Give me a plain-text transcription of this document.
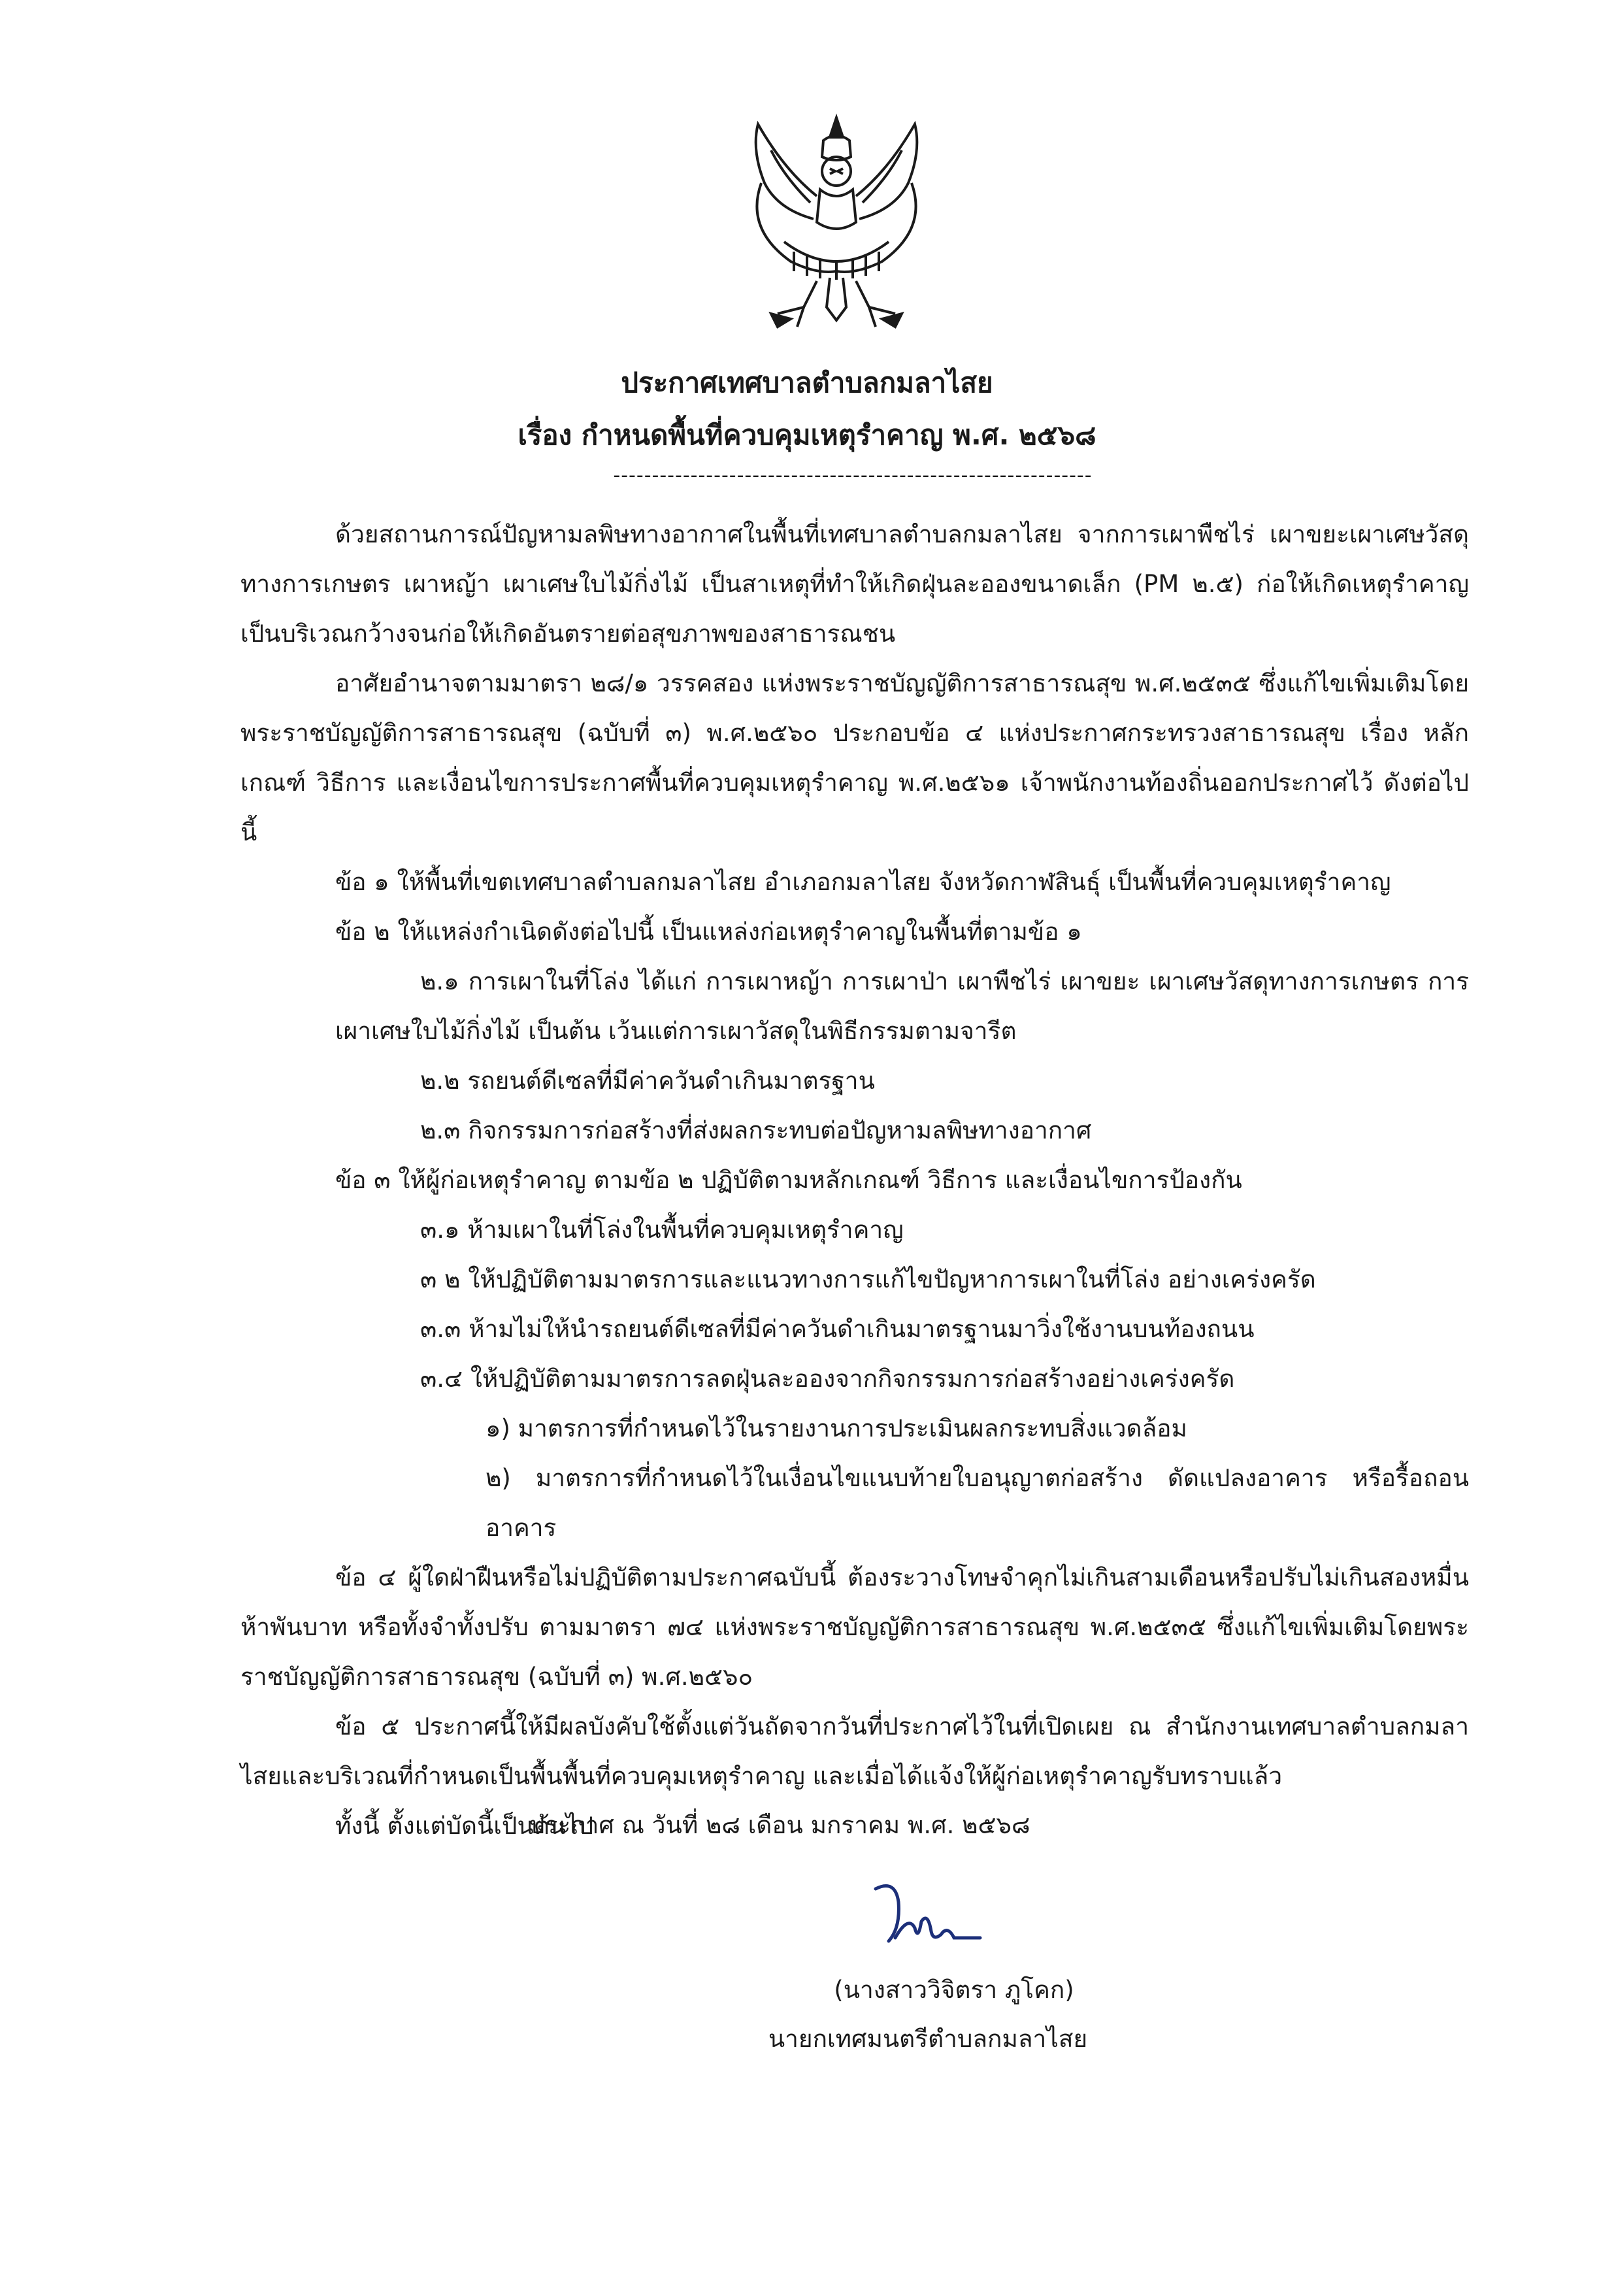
ประกาศเทศบาลตำบลกมลาไสย
เรื่อง กำหนดพื้นที่ควบคุมเหตุรำคาญ พ.ศ. ๒๕๖๘
--------------------------------------------------------------

ด้วยสถานการณ์ปัญหามลพิษทางอากาศในพื้นที่เทศบาลตำบลกมลาไสย จากการเผาพืชไร่ เผาขยะเผาเศษวัสดุทางการเกษตร เผาหญ้า เผาเศษใบไม้กิ่งไม้ เป็นสาเหตุที่ทำให้เกิดฝุ่นละอองขนาดเล็ก (PM ๒.๕) ก่อให้เกิดเหตุรำคาญเป็นบริเวณกว้างจนก่อให้เกิดอันตรายต่อสุขภาพของสาธารณชน

อาศัยอำนาจตามมาตรา ๒๘/๑ วรรคสอง แห่งพระราชบัญญัติการสาธารณสุข พ.ศ.๒๕๓๕ ซึ่งแก้ไขเพิ่มเติมโดยพระราชบัญญัติการสาธารณสุข (ฉบับที่ ๓) พ.ศ.๒๕๖๐ ประกอบข้อ ๔ แห่งประกาศกระทรวงสาธารณสุข เรื่อง หลักเกณฑ์ วิธีการ และเงื่อนไขการประกาศพื้นที่ควบคุมเหตุรำคาญ พ.ศ.๒๕๖๑ เจ้าพนักงานท้องถิ่นออกประกาศไว้ ดังต่อไปนี้

ข้อ ๑ ให้พื้นที่เขตเทศบาลตำบลกมลาไสย อำเภอกมลาไสย จังหวัดกาฬสินธุ์ เป็นพื้นที่ควบคุมเหตุรำคาญ

ข้อ ๒ ให้แหล่งกำเนิดดังต่อไปนี้ เป็นแหล่งก่อเหตุรำคาญในพื้นที่ตามข้อ ๑

๒.๑ การเผาในที่โล่ง ได้แก่ การเผาหญ้า การเผาป่า เผาพืชไร่ เผาขยะ เผาเศษวัสดุทางการเกษตร การเผาเศษใบไม้กิ่งไม้ เป็นต้น เว้นแต่การเผาวัสดุในพิธีกรรมตามจารีต

๒.๒ รถยนต์ดีเซลที่มีค่าควันดำเกินมาตรฐาน

๒.๓ กิจกรรมการก่อสร้างที่ส่งผลกระทบต่อปัญหามลพิษทางอากาศ

ข้อ ๓ ให้ผู้ก่อเหตุรำคาญ ตามข้อ ๒ ปฏิบัติตามหลักเกณฑ์ วิธีการ และเงื่อนไขการป้องกัน

๓.๑ ห้ามเผาในที่โล่งในพื้นที่ควบคุมเหตุรำคาญ

๓ ๒ ให้ปฏิบัติตามมาตรการและแนวทางการแก้ไขปัญหาการเผาในที่โล่ง อย่างเคร่งครัด

๓.๓ ห้ามไม่ให้นำรถยนต์ดีเซลที่มีค่าควันดำเกินมาตรฐานมาวิ่งใช้งานบนท้องถนน

๓.๔ ให้ปฏิบัติตามมาตรการลดฝุ่นละอองจากกิจกรรมการก่อสร้างอย่างเคร่งครัด

๑) มาตรการที่กำหนดไว้ในรายงานการประเมินผลกระทบสิ่งแวดล้อม

๒) มาตรการที่กำหนดไว้ในเงื่อนไขแนบท้ายใบอนุญาตก่อสร้าง ดัดแปลงอาคาร หรือรื้อถอนอาคาร

ข้อ ๔ ผู้ใดฝ่าฝืนหรือไม่ปฏิบัติตามประกาศฉบับนี้ ต้องระวางโทษจำคุกไม่เกินสามเดือนหรือปรับไม่เกินสองหมื่นห้าพันบาท หรือทั้งจำทั้งปรับ ตามมาตรา ๗๔ แห่งพระราชบัญญัติการสาธารณสุข พ.ศ.๒๕๓๕ ซึ่งแก้ไขเพิ่มเติมโดยพระราชบัญญัติการสาธารณสุข (ฉบับที่ ๓) พ.ศ.๒๕๖๐

ข้อ ๕ ประกาศนี้ให้มีผลบังคับใช้ตั้งแต่วันถัดจากวันที่ประกาศไว้ในที่เปิดเผย ณ สำนักงานเทศบาลตำบลกมลาไสยและบริเวณที่กำหนดเป็นพื้นพื้นที่ควบคุมเหตุรำคาญ และเมื่อได้แจ้งให้ผู้ก่อเหตุรำคาญรับทราบแล้ว

ทั้งนี้ ตั้งแต่บัดนี้เป็นต้นไป

ประกาศ ณ วันที่ ๒๘ เดือน มกราคม พ.ศ. ๒๕๖๘
(นางสาววิจิตรา ภูโคก)
นายกเทศมนตรีตำบลกมลาไสย
